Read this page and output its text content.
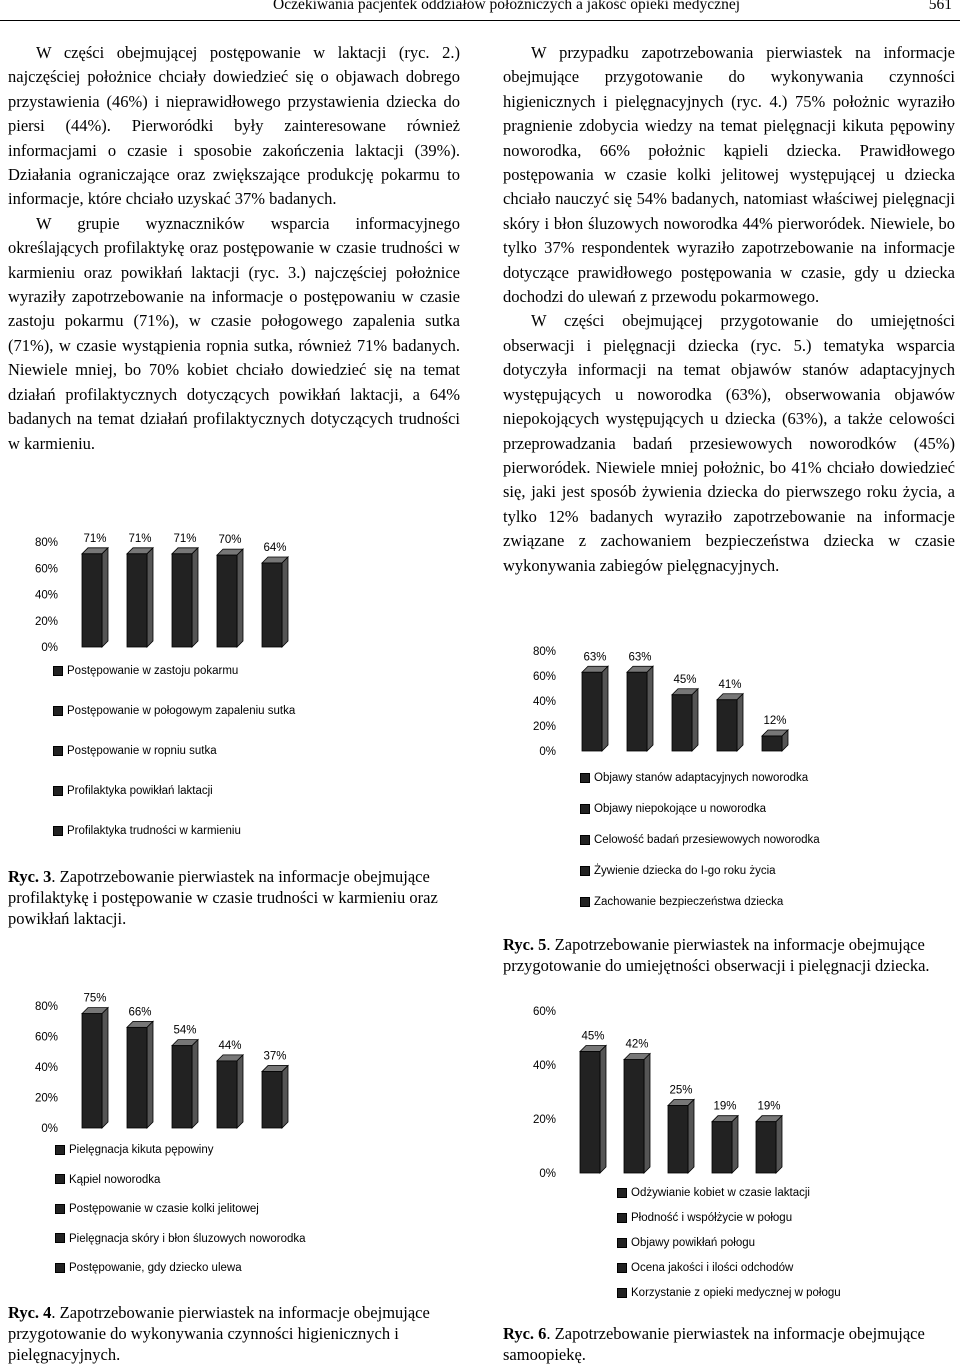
Oczekiwania pacjentek oddziałów położniczych a jakość opieki medycznej	561

W części obejmującej postępowanie w laktacji (ryc. 2.) najczęściej położnice chciały dowiedzieć się o objawach dobrego przystawienia (46%) i nieprawidłowego przystawienia dziecka do piersi (44%). Pierworódki były zainteresowane również informacjami o czasie i sposobie zakończenia laktacji (39%). Działania ograniczające oraz zwiększające produkcję pokarmu to informacje, które chciało uzyskać 37% badanych.

W grupie wyznaczników wsparcia informacyjnego określających profilaktykę oraz postępowanie w czasie trudności w karmieniu oraz powikłań laktacji (ryc. 3.) najczęściej położnice wyraziły zapotrzebowanie na informacje o postępowaniu w czasie zastoju pokarmu (71%), w czasie połogowego zapalenia sutka (71%), w czasie wystąpienia ropnia sutka, również 71% badanych. Niewiele mniej, bo 70% kobiet chciało dowiedzieć się na temat działań profilaktycznych dotyczących powikłań laktacji, a 64% badanych na temat działań profilaktycznych dotyczących trudności w karmieniu.

W przypadku zapotrzebowania pierwiastek na informacje obejmujące przygotowanie do wykonywania czynności higienicznych i pielęgnacyjnych (ryc. 4.) 75% położnic wyraziło pragnienie zdobycia wiedzy na temat pielęgnacji kikuta pępowiny noworodka, 66% położnic kąpieli dziecka. Prawidłowego postępowania w czasie kolki jelitowej występującej u dziecka chciało nauczyć się 54% badanych, natomiast właściwej pielęgnacji skóry i błon śluzowych noworodka 44% pierworódek. Niewiele, bo tylko 37% respondentek wyraziło zapotrzebowanie na informacje dotyczące prawidłowego postępowania w czasie, gdy u dziecka dochodzi do ulewań z przewodu pokarmowego.

W części obejmującej przygotowanie do umiejętności obserwacji i pielęgnacji dziecka (ryc. 5.) tematyka wsparcia dotyczyła informacji na temat objawów stanów adaptacyjnych występujących u noworodka (63%), obserwowania objawów niepokojących występujących u dziecka (63%), a także celowości przeprowadzania badań przesiewowych noworodków (45%) pierworódek. Niewiele mniej położnic, bo 41% chciało dowiedzieć się, jaki jest sposób żywienia dziecka do pierwszego roku życia, a tylko 12% badanych wyraziło zapotrzebowanie na informacje związane z zachowaniem bezpieczeństwa dziecka w czasie wykonywania zabiegów pielęgnacyjnych.

0%
20%
40%
60%
80% 71% 71% 71% 70%
64%
Postępowanie w zastoju pokarmu
Postępowanie w połogowym zapaleniu sutka
Postępowanie w ropniu sutka
Profilaktyka powikłań laktacji
Profilaktyka trudności w karmieniu
Ryc. 3. Zapotrzebowanie pierwiastek na informacje obejmujące profilaktykę i postępowanie w czasie trudności w karmieniu oraz powikłań laktacji.
0%
20%
40%
60%
80% 63% 63%
45% 41%
12%
Objawy stanów adaptacyjnych noworodka
Objawy niepokojące u noworodka
Celowość badań przesiewowych noworodka
Żywienie dziecka do I-go roku życia
Zachowanie bezpieczeństwa dziecka
Ryc. 5. Zapotrzebowanie pierwiastek na informacje obejmujące przygotowanie do umiejętności obserwacji i pielęgnacji dziecka.
0%
20%
40%
60%
80%
75%
66%
54%
44%
37%
Pielęgnacja kikuta pępowiny
Kąpiel noworodka
Postępowanie w czasie kolki jelitowej
Pielęgnacja skóry i błon śluzowych noworodka
Postępowanie, gdy dziecko ulewa
Ryc. 4. Zapotrzebowanie pierwiastek na informacje obejmujące przygotowanie do wykonywania czynności higienicznych i pielęgnacyjnych.
0%
20%
40%
60%
45%
42%
25%
19% 19%
Odżywianie kobiet w czasie laktacji
Płodność i współżycie w połogu
Objawy powikłań połogu
Ocena jakości i ilości odchodów
Korzystanie z opieki medycznej w połogu
Ryc. 6. Zapotrzebowanie pierwiastek na informacje obejmujące samoopiekę.
